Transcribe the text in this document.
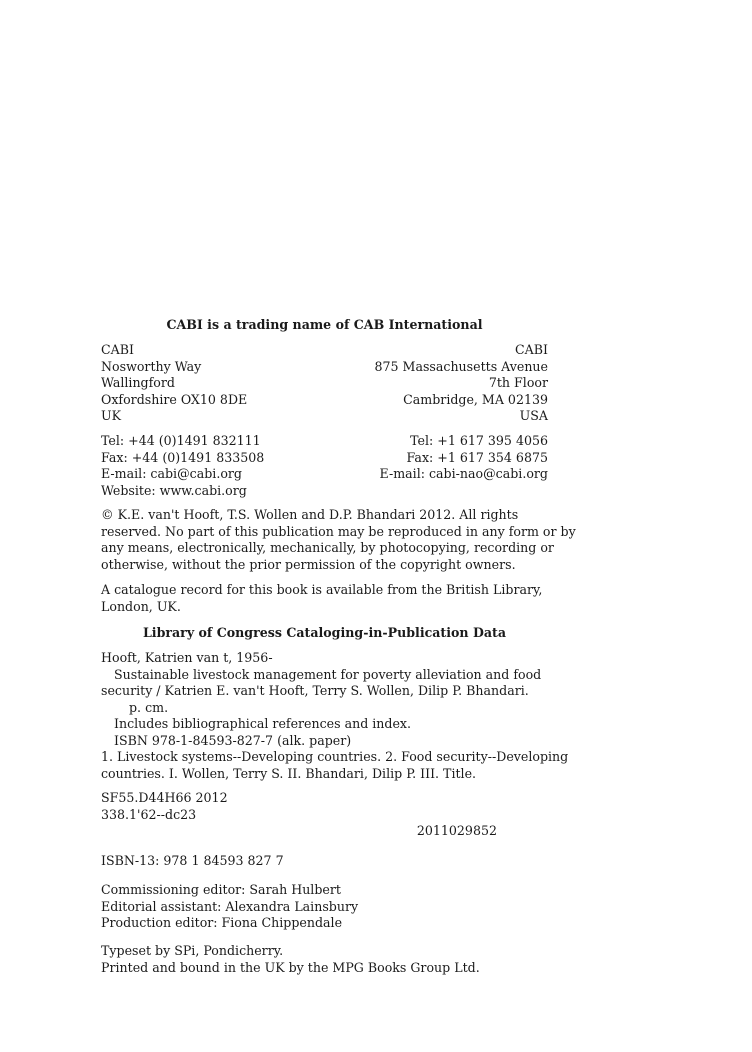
CABI is a trading name of CAB International
CABI
Nosworthy Way
Wallingford
Oxfordshire OX10 8DE
UK
CABI
875 Massachusetts Avenue
7th Floor
Cambridge, MA 02139
USA
Tel: +44 (0)1491 832111
Fax: +44 (0)1491 833508
E-mail: cabi@cabi.org
Website: www.cabi.org
Tel: +1 617 395 4056
Fax: +1 617 354 6875
E-mail: cabi-nao@cabi.org
© K.E. van't Hooft, T.S. Wollen and D.P. Bhandari 2012. All rights
reserved. No part of this publication may be reproduced in any form or by
any means, electronically, mechanically, by photocopying, recording or
otherwise, without the prior permission of the copyright owners.
A catalogue record for this book is available from the British Library,
London, UK.
Library of Congress Cataloging-in-Publication Data
Hooft, Katrien van t, 1956-
Sustainable livestock management for poverty alleviation and food
security / Katrien E. van't Hooft, Terry S. Wollen, Dilip P. Bhandari.
p. cm.
Includes bibliographical references and index.
ISBN 978-1-84593-827-7 (alk. paper)
1. Livestock systems--Developing countries. 2. Food security--Developing
countries. I. Wollen, Terry S. II. Bhandari, Dilip P. III. Title.
SF55.D44H66 2012
338.1'62--dc23
2011029852
ISBN-13: 978 1 84593 827 7
Commissioning editor: Sarah Hulbert
Editorial assistant: Alexandra Lainsbury
Production editor: Fiona Chippendale
Typeset by SPi, Pondicherry.
Printed and bound in the UK by the MPG Books Group Ltd.
